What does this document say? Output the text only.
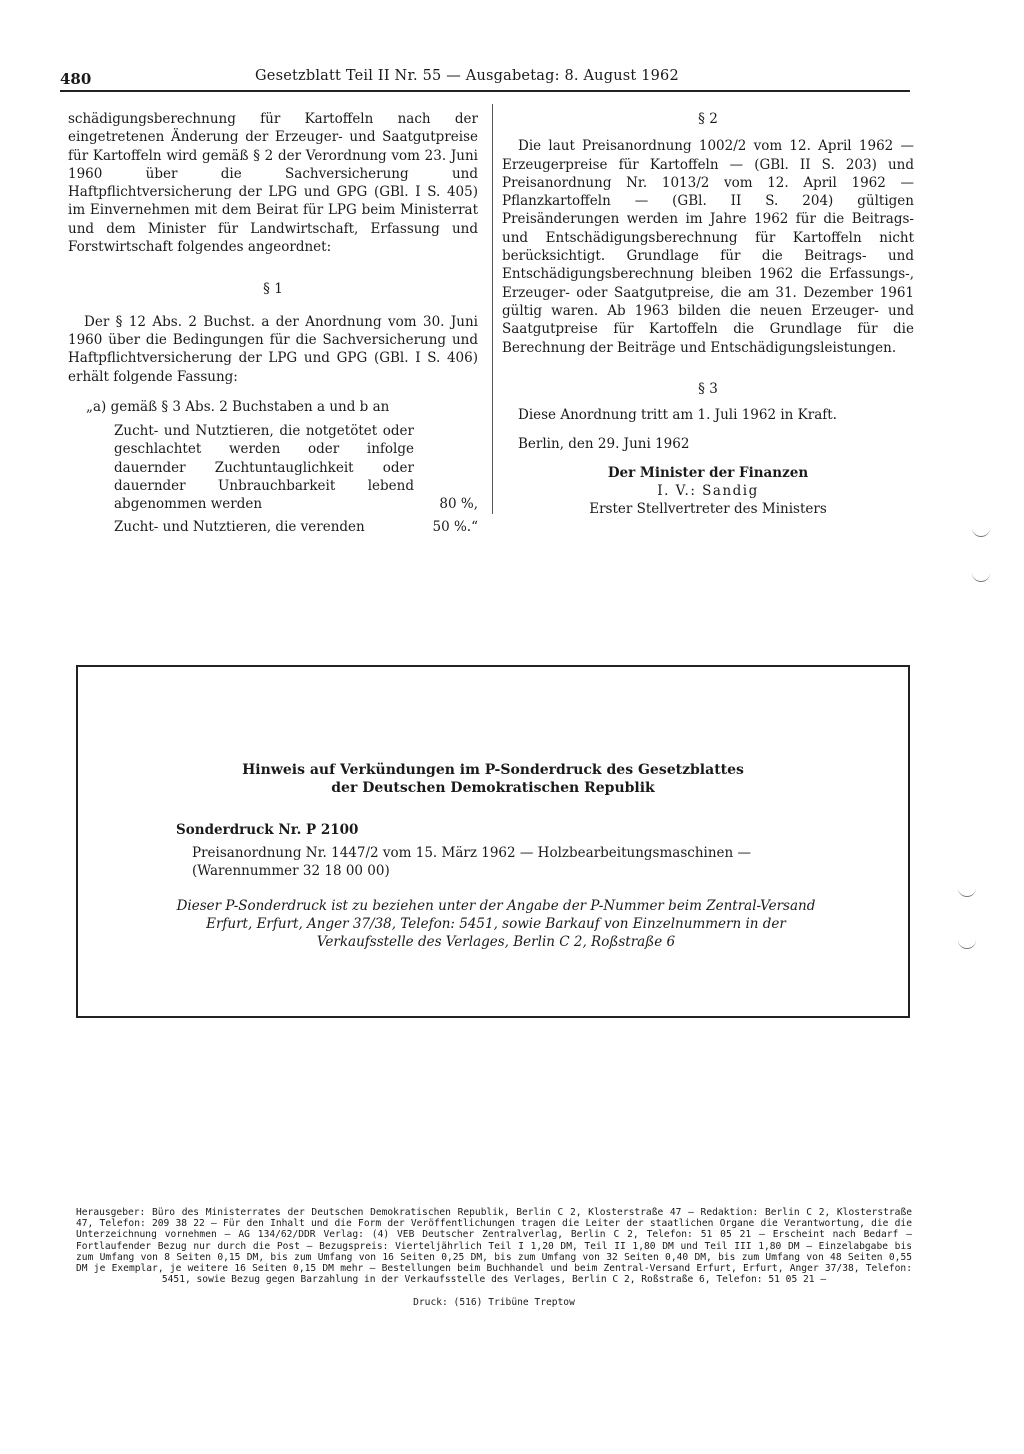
480	Gesetzblatt Teil II Nr. 55 — Ausgabetag: 8. August 1962

schädigungsberechnung für Kartoffeln nach der eingetretenen Änderung der Erzeuger- und Saatgutpreise für Kartoffeln wird gemäß § 2 der Verordnung vom 23. Juni 1960 über die Sachversicherung und Haftpflichtversicherung der LPG und GPG (GBl. I S. 405) im Einvernehmen mit dem Beirat für LPG beim Ministerrat und dem Minister für Landwirtschaft, Erfassung und Forstwirtschaft folgendes angeordnet:

§ 1

Der § 12 Abs. 2 Buchst. a der Anordnung vom 30. Juni 1960 über die Bedingungen für die Sachversicherung und Haftpflichtversicherung der LPG und GPG (GBl. I S. 406) erhält folgende Fassung:

„a) gemäß § 3 Abs. 2 Buchstaben a und b an

Zucht- und Nutztieren, die notgetötet oder geschlachtet werden oder infolge dauernder Zuchtuntauglichkeit oder dauernder Unbrauchbarkeit lebend abgenommen werden	80 %,
Zucht- und Nutztieren, die verenden	50 %.“

§ 2

Die laut Preisanordnung 1002/2 vom 12. April 1962 — Erzeugerpreise für Kartoffeln — (GBl. II S. 203) und Preisanordnung Nr. 1013/2 vom 12. April 1962 — Pflanzkartoffeln — (GBl. II S. 204) gültigen Preisänderungen werden im Jahre 1962 für die Beitrags- und Entschädigungsberechnung für Kartoffeln nicht berücksichtigt. Grundlage für die Beitrags- und Entschädigungsberechnung bleiben 1962 die Erfassungs-, Erzeuger- oder Saatgutpreise, die am 31. Dezember 1961 gültig waren. Ab 1963 bilden die neuen Erzeuger- und Saatgutpreise für Kartoffeln die Grundlage für die Berechnung der Beiträge und Entschädigungsleistungen.

§ 3

Diese Anordnung tritt am 1. Juli 1962 in Kraft.

Berlin, den 29. Juni 1962

Der Minister der Finanzen
I. V.: Sandig
Erster Stellvertreter des Ministers
Hinweis auf Verkündungen im P-Sonderdruck des Gesetzblattes
der Deutschen Demokratischen Republik
Sonderdruck Nr. P 2100
Preisanordnung Nr. 1447/2 vom 15. März 1962 — Holzbearbeitungsmaschinen — (Warennummer 32 18 00 00)
Dieser P-Sonderdruck ist zu beziehen unter der Angabe der P-Nummer beim Zentral-Versand Erfurt, Erfurt, Anger 37/38, Telefon: 5451, sowie Barkauf von Einzelnummern in der Verkaufsstelle des Verlages, Berlin C 2, Roßstraße 6
Herausgeber: Büro des Ministerrates der Deutschen Demokratischen Republik, Berlin C 2, Klosterstraße 47 — Redaktion: Berlin C 2, Klosterstraße 47, Telefon: 209 38 22 — Für den Inhalt und die Form der Veröffentlichungen tragen die Leiter der staatlichen Organe die Verantwortung, die die Unterzeichnung vornehmen — AG 134/62/DDR Verlag: (4) VEB Deutscher Zentralverlag, Berlin C 2, Telefon: 51 05 21 — Erscheint nach Bedarf — Fortlaufender Bezug nur durch die Post — Bezugspreis: Vierteljährlich Teil I 1,20 DM, Teil II 1,80 DM und Teil III 1,80 DM — Einzelabgabe bis zum Umfang von 8 Seiten 0,15 DM, bis zum Umfang von 16 Seiten 0,25 DM, bis zum Umfang von 32 Seiten 0,40 DM, bis zum Umfang von 48 Seiten 0,55 DM je Exemplar, je weitere 16 Seiten 0,15 DM mehr — Bestellungen beim Buchhandel und beim Zentral-Versand Erfurt, Erfurt, Anger 37/38, Telefon: 5451, sowie Bezug gegen Barzahlung in der Verkaufsstelle des Verlages, Berlin C 2, Roßstraße 6, Telefon: 51 05 21 —
Druck: (516) Tribüne Treptow
